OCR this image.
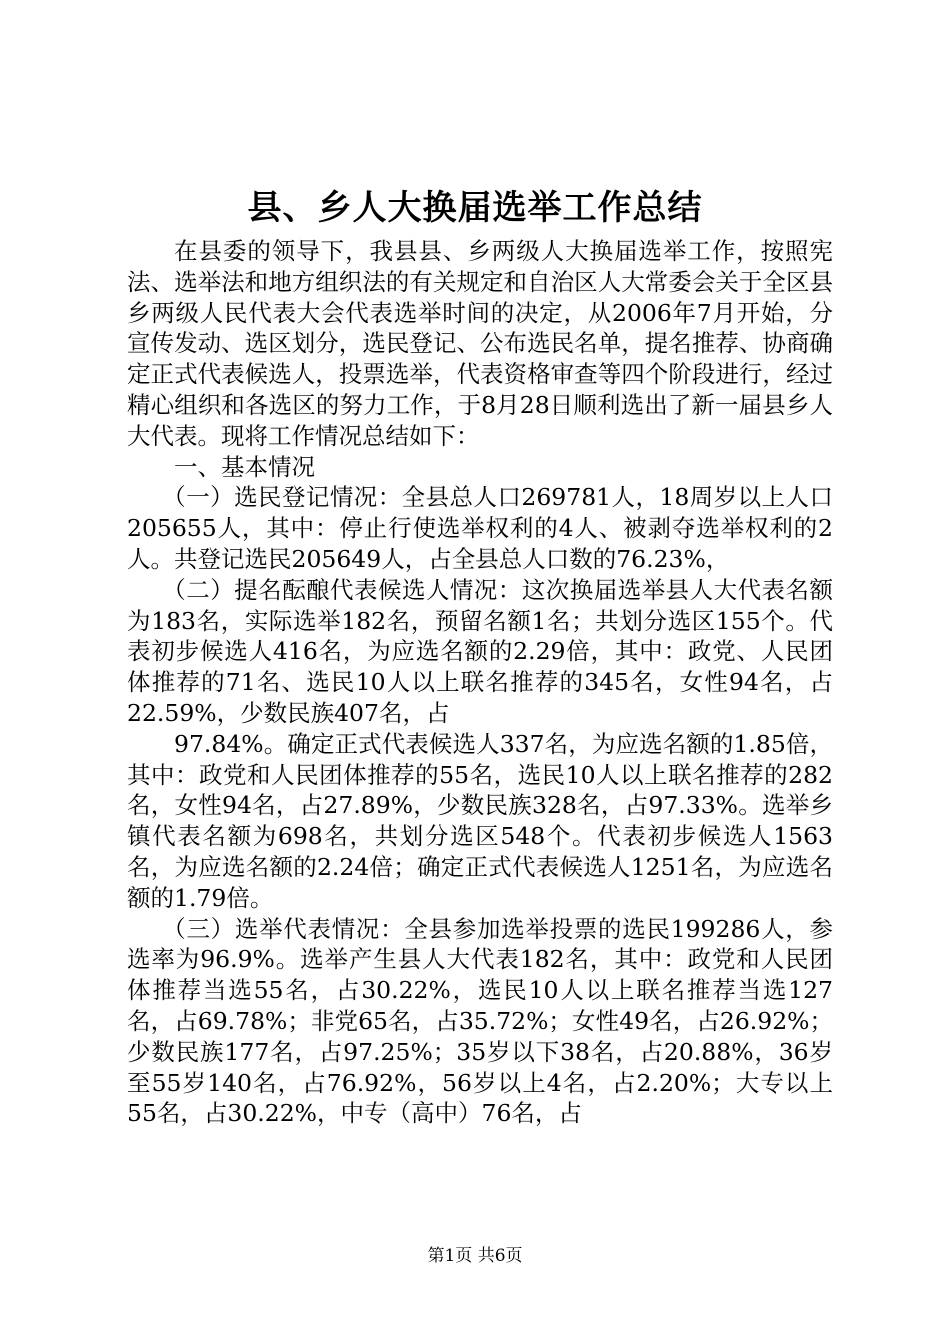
县、乡人大换届选举工作总结

在县委的领导下，我县县、乡两级人大换届选举工作，按照宪法、选举法和地方组织法的有关规定和自治区人大常委会关于全区县乡两级人民代表大会代表选举时间的决定，从2006年7月开始，分宣传发动、选区划分，选民登记、公布选民名单，提名推荐、协商确定正式代表候选人，投票选举，代表资格审查等四个阶段进行，经过精心组织和各选区的努力工作，于8月28日顺利选出了新一届县乡人大代表。现将工作情况总结如下：

一、基本情况

（一）选民登记情况：全县总人口269781人，18周岁以上人口205655人，其中：停止行使选举权利的4人、被剥夺选举权利的2人。共登记选民205649人，占全县总人口数的76.23%，

（二）提名酝酿代表候选人情况：这次换届选举县人大代表名额为183名，实际选举182名，预留名额1名；共划分选区155个。代表初步候选人416名，为应选名额的2.29倍，其中：政党、人民团体推荐的71名、选民10人以上联名推荐的345名，女性94名，占22.59%，少数民族407名，占

97.84%。确定正式代表候选人337名，为应选名额的1.85倍，其中：政党和人民团体推荐的55名，选民10人以上联名推荐的282名，女性94名，占27.89%，少数民族328名，占97.33%。选举乡镇代表名额为698名，共划分选区548个。代表初步候选人1563名，为应选名额的2.24倍；确定正式代表候选人1251名，为应选名额的1.79倍。

（三）选举代表情况：全县参加选举投票的选民199286人，参选率为96.9%。选举产生县人大代表182名，其中：政党和人民团体推荐当选55名，占30.22%，选民10人以上联名推荐当选127名，占69.78%；非党65名，占35.72%；女性49名，占26.92%；少数民族177名，占97.25%；35岁以下38名，占20.88%，36岁至55岁140名，占76.92%，56岁以上4名，占2.20%；大专以上55名，占30.22%，中专（高中）76名，占

第1页 共6页
